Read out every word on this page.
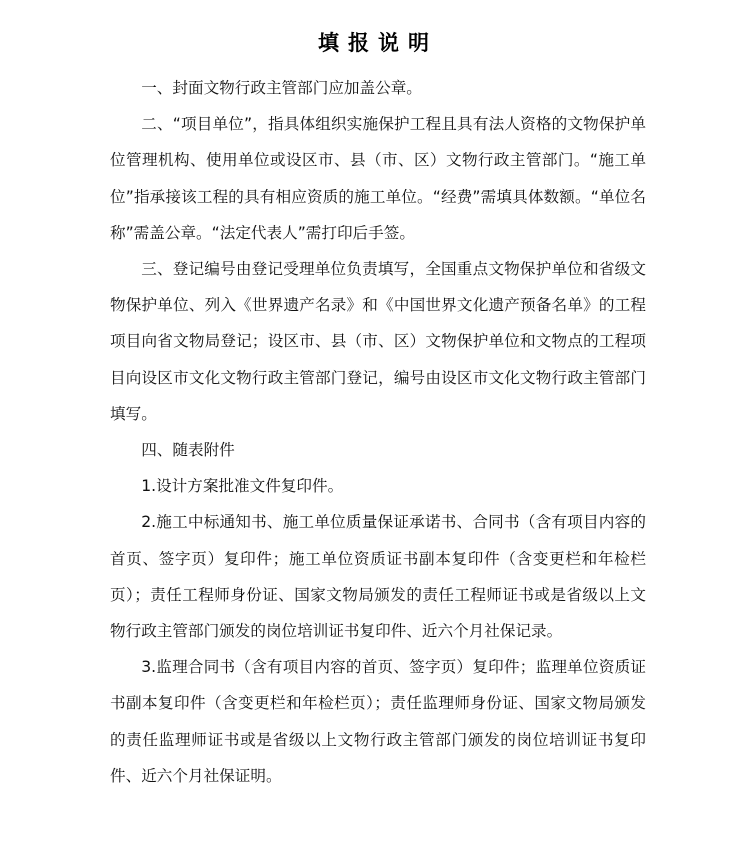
填报说明

一、封面文物行政主管部门应加盖公章。

二、“项目单位”，指具体组织实施保护工程且具有法人资格的文物保护单位管理机构、使用单位或设区市、县（市、区）文物行政主管部门。“施工单位”指承接该工程的具有相应资质的施工单位。“经费”需填具体数额。“单位名称”需盖公章。“法定代表人”需打印后手签。

三、登记编号由登记受理单位负责填写，全国重点文物保护单位和省级文物保护单位、列入《世界遗产名录》和《中国世界文化遗产预备名单》的工程项目向省文物局登记；设区市、县（市、区）文物保护单位和文物点的工程项目向设区市文化文物行政主管部门登记，编号由设区市文化文物行政主管部门填写。

四、随表附件

1.设计方案批准文件复印件。

2.施工中标通知书、施工单位质量保证承诺书、合同书（含有项目内容的首页、签字页）复印件；施工单位资质证书副本复印件（含变更栏和年检栏页）；责任工程师身份证、国家文物局颁发的责任工程师证书或是省级以上文物行政主管部门颁发的岗位培训证书复印件、近六个月社保记录。

3.监理合同书（含有项目内容的首页、签字页）复印件；监理单位资质证书副本复印件（含变更栏和年检栏页）；责任监理师身份证、国家文物局颁发的责任监理师证书或是省级以上文物行政主管部门颁发的岗位培训证书复印件、近六个月社保证明。
